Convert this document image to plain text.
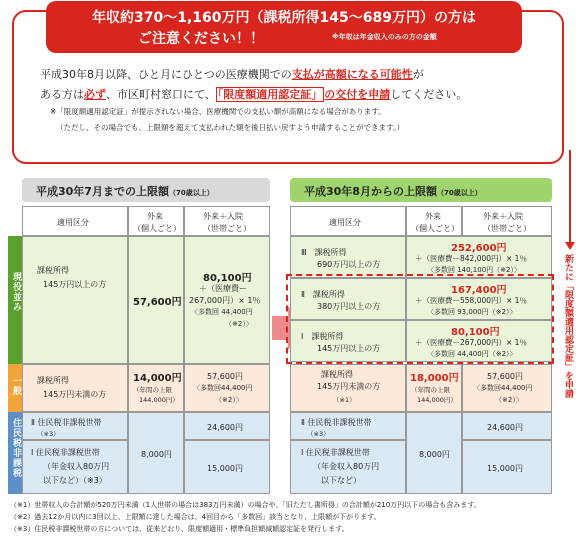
年収約370〜1,160万円（課税所得145〜689万円）の方は
ご注意ください！！	※年収は年金収入のみの方の金額
平成30年8月以降、ひと月にひとつの医療機関での支払が高額になる可能性が
ある方は必ず、市区町村窓口にて、 「限度額適用認定証」 の交付を申請してください。
※「限度額適用認定証」が提示されない場合、医療機関での支払い額が高額になる場合があります。
（ただし、その場合でも、上限額を超えて支払われた額を後日払い戻すよう申請することができます。）
平成30年7月までの上限額（70歳以上）
適用区分
外来
（個人ごと）
外来＋入院
（世帯ごと）
現役並み
一般
住民税非課税
課税所得
145万円以上の方
57,600円
80,100円
＋（医療費ー
267,000円）× 1％
〈多数回 44,400円
（※2）〉
課税所得
145万円未満の方
14,000円
（年間の上限
144,000円）
57,600円
〈多数回44,400円
（※2）〉
Ⅱ 住民税非課税世帯
（※3）
Ⅰ 住民税非課税世帯
（年金収入80万円
以下など）（※3）
8,000円
24,600円
15,000円
平成30年8月からの上限額（70歳以上）
適用区分
外来
（個人ごと）
外来＋入院
（世帯ごと）
Ⅲ　課税所得
690万円以上の方
252,600円
＋（医療費ー842,000円）× 1％
〈多数回 140,100円（※2）〉
Ⅱ　課税所得
380万円以上の方
167,400円
＋（医療費ー558,000円）× 1％
〈多数回 93,000円（※2）〉
Ⅰ　課税所得
145万円以上の方
80,100円
＋（医療費ー267,000円）× 1％
〈多数回 44,400円（※2）〉
課税所得
145万円未満の方
（※1）
18,000円
（年間の上限
144,000円）
57,600円
〈多数回44,400円
（※2）〉
Ⅱ 住民税非課税世帯
（※3）
Ⅰ 住民税非課税世帯
（年金収入80万円
以下など）
8,000円
24,600円
15,000円
新たに「限度額適用認定証」を申請
（※1）世帯収入の合計額が520万円未満（1人世帯の場合は383万円未満）の場合や、「旧ただし書所得」の合計額が210万円以下の場合も含みます。
（※2）過去12か月以内に3回以上、上限額に達した場合は、4回目から「多数回」該当となり、上限額が下がります。
（※3）住民税非課税世帯の方については、従来どおり、限度額適用・標準負担額減額認定証を発行します。
